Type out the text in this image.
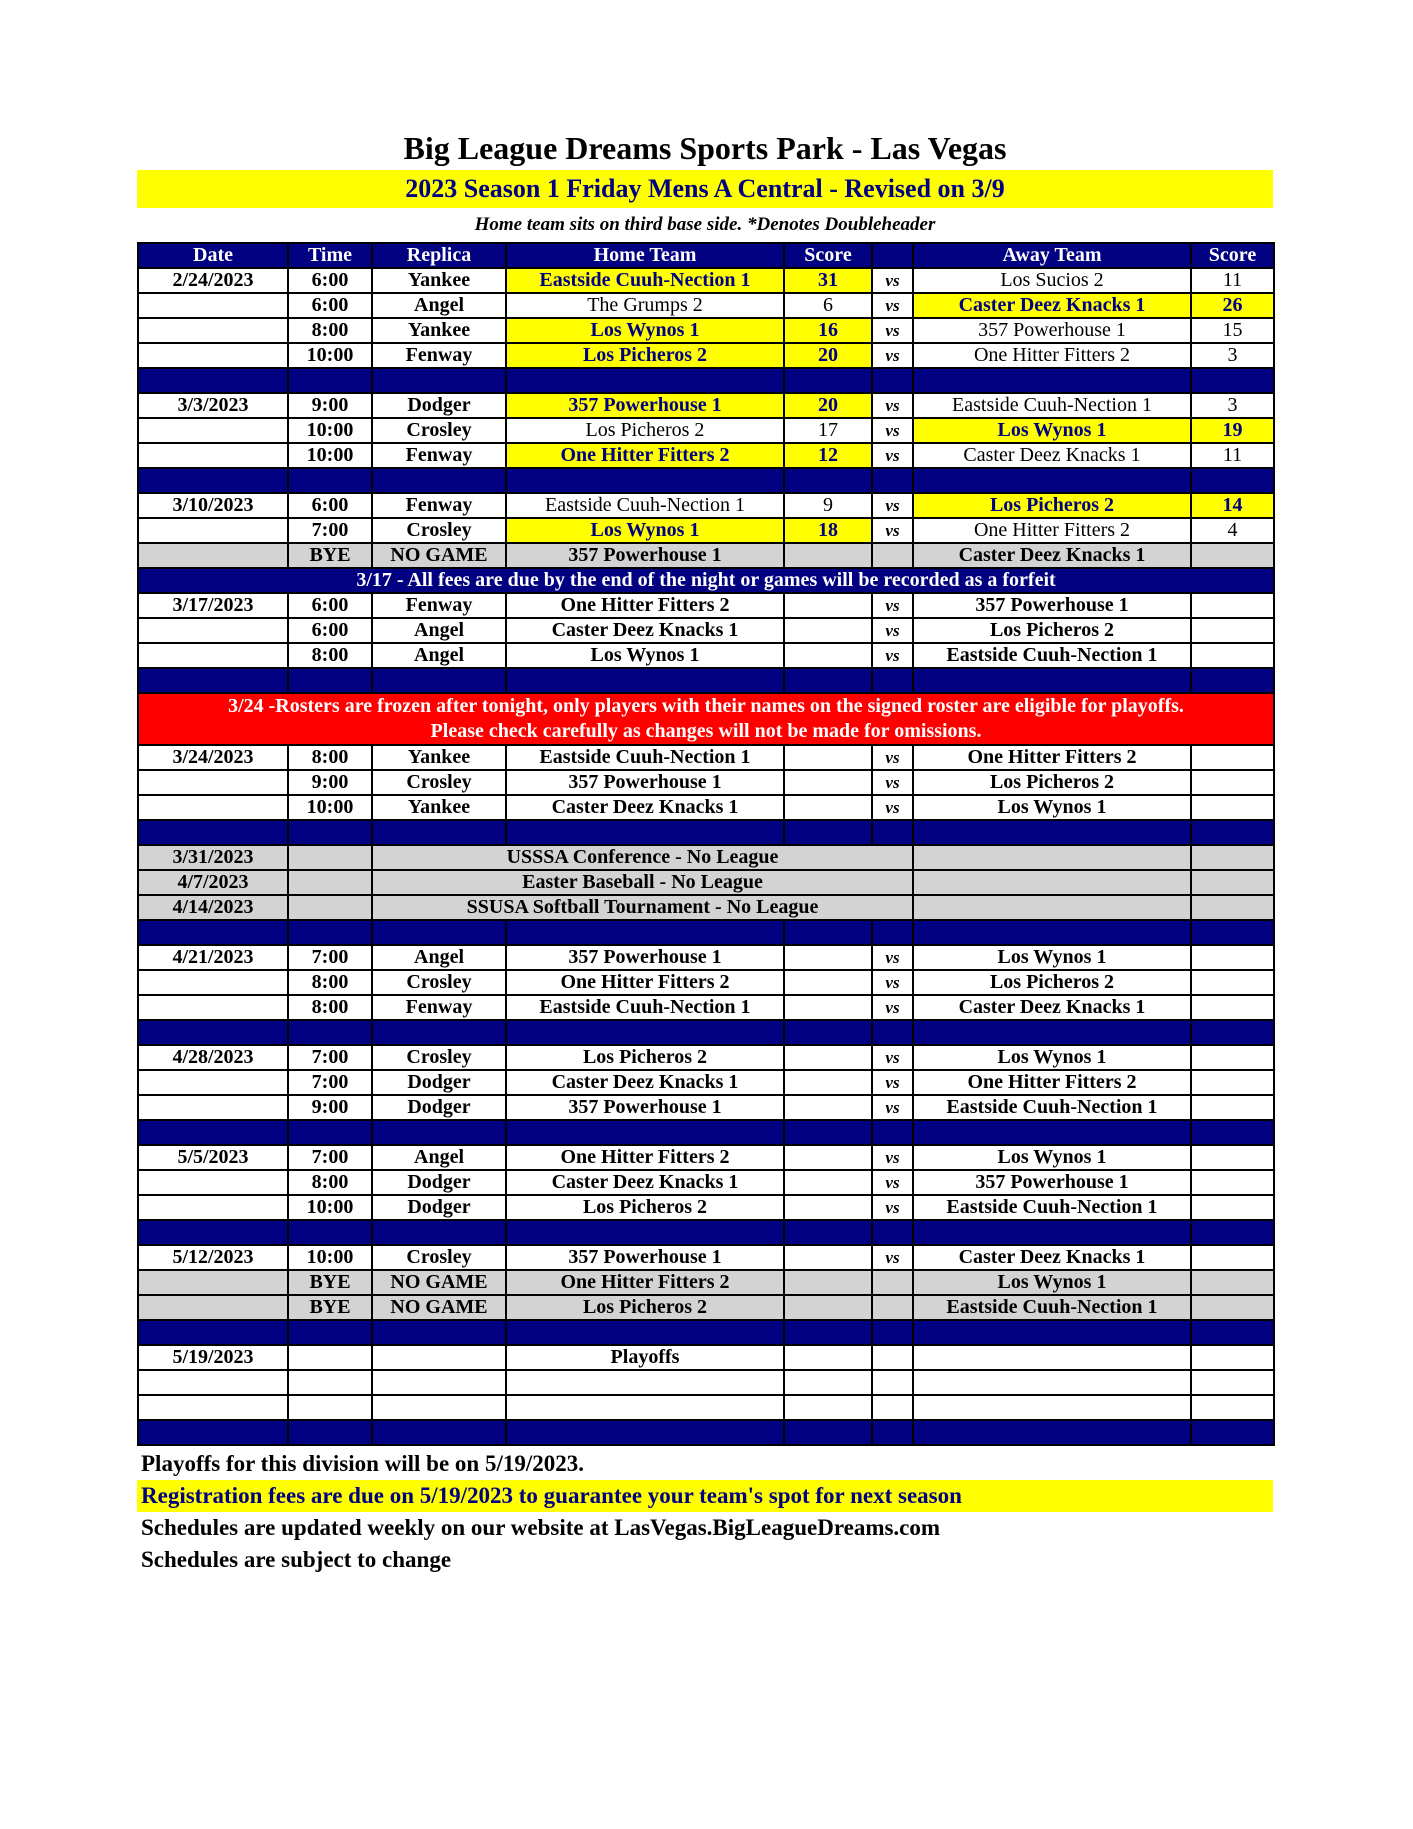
Big League Dreams Sports Park - Las Vegas
2023 Season 1 Friday Mens A Central - Revised on 3/9
Home team sits on third base side. *Denotes Doubleheader
Date	Time	Replica	Home Team	Score		Away Team	Score
2/24/2023	6:00	Yankee	Eastside Cuuh-Nection 1	31	vs	Los Sucios 2	11
	6:00	Angel	The Grumps 2	6	vs	Caster Deez Knacks 1	26
	8:00	Yankee	Los Wynos 1	16	vs	357 Powerhouse 1	15
	10:00	Fenway	Los Picheros 2	20	vs	One Hitter Fitters 2	3

3/3/2023	9:00	Dodger	357 Powerhouse 1	20	vs	Eastside Cuuh-Nection 1	3
	10:00	Crosley	Los Picheros 2	17	vs	Los Wynos 1	19
	10:00	Fenway	One Hitter Fitters 2	12	vs	Caster Deez Knacks 1	11

3/10/2023	6:00	Fenway	Eastside Cuuh-Nection 1	9	vs	Los Picheros 2	14
	7:00	Crosley	Los Wynos 1	18	vs	One Hitter Fitters 2	4
	BYE	NO GAME	357 Powerhouse 1			Caster Deez Knacks 1	
3/17 - All fees are due by the end of the night or games will be recorded as a forfeit							
3/17/2023	6:00	Fenway	One Hitter Fitters 2		vs	357 Powerhouse 1	
	6:00	Angel	Caster Deez Knacks 1		vs	Los Picheros 2	
	8:00	Angel	Los Wynos 1		vs	Eastside Cuuh-Nection 1	

3/24 -Rosters are frozen after tonight, only players with their names on the signed roster are eligible for playoffs.
Please check carefully as changes will not be made for omissions.							

3/24/2023	8:00	Yankee	Eastside Cuuh-Nection 1		vs	One Hitter Fitters 2	
	9:00	Crosley	357 Powerhouse 1		vs	Los Picheros 2	
	10:00	Yankee	Caster Deez Knacks 1		vs	Los Wynos 1	

3/31/2023		USSSA Conference - No League					
4/7/2023		Easter Baseball - No League					
4/14/2023		SSUSA Softball Tournament - No League					

4/21/2023	7:00	Angel	357 Powerhouse 1		vs	Los Wynos 1	
	8:00	Crosley	One Hitter Fitters 2		vs	Los Picheros 2	
	8:00	Fenway	Eastside Cuuh-Nection 1		vs	Caster Deez Knacks 1	

4/28/2023	7:00	Crosley	Los Picheros 2		vs	Los Wynos 1	
	7:00	Dodger	Caster Deez Knacks 1		vs	One Hitter Fitters 2	
	9:00	Dodger	357 Powerhouse 1		vs	Eastside Cuuh-Nection 1	

5/5/2023	7:00	Angel	One Hitter Fitters 2		vs	Los Wynos 1	
	8:00	Dodger	Caster Deez Knacks 1		vs	357 Powerhouse 1	
	10:00	Dodger	Los Picheros 2		vs	Eastside Cuuh-Nection 1	

5/12/2023	10:00	Crosley	357 Powerhouse 1		vs	Caster Deez Knacks 1	
	BYE	NO GAME	One Hitter Fitters 2			Los Wynos 1	
	BYE	NO GAME	Los Picheros 2			Eastside Cuuh-Nection 1	

5/19/2023			Playoffs				

Playoffs for this division will be on 5/19/2023.
Registration fees are due on 5/19/2023 to guarantee your team's spot for next season
Schedules are updated weekly on our website at LasVegas.BigLeagueDreams.com
Schedules are subject to change
